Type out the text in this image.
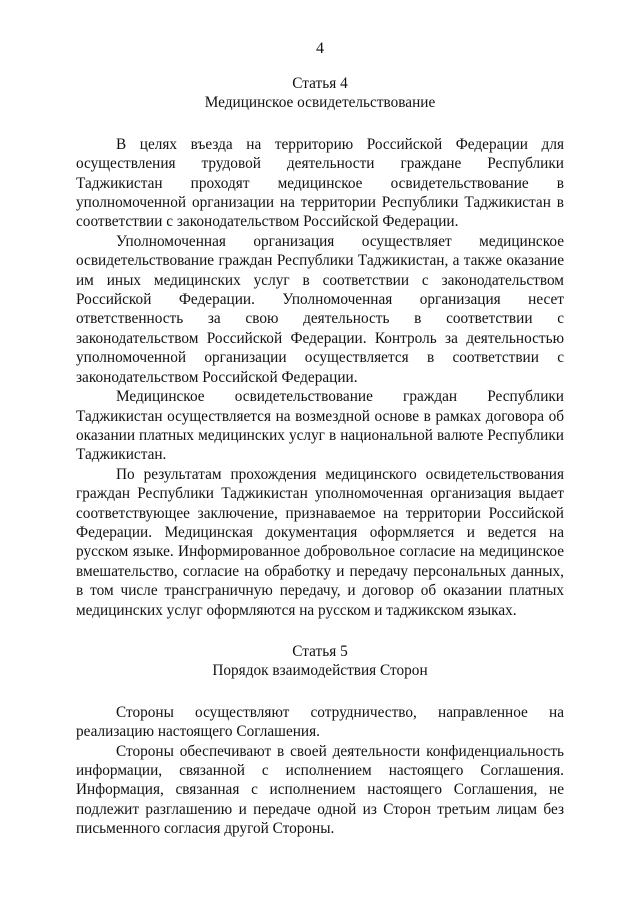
4
Статья 4
Медицинское освидетельствование

В целях въезда на территорию Российской Федерации для осуществления трудовой деятельности граждане Республики Таджикистан проходят медицинское освидетельствование в уполномоченной организации на территории Республики Таджикистан в соответствии с законодательством Российской Федерации.

Уполномоченная организация осуществляет медицинское освидетельствование граждан Республики Таджикистан, а также оказание им иных медицинских услуг в соответствии с законодательством Российской Федерации. Уполномоченная организация несет ответственность за свою деятельность в соответствии с законодательством Российской Федерации. Контроль за деятельностью уполномоченной организации осуществляется в соответствии с законодательством Российской Федерации.

Медицинское освидетельствование граждан Республики Таджикистан осуществляется на возмездной основе в рамках договора об оказании платных медицинских услуг в национальной валюте Республики Таджикистан.

По результатам прохождения медицинского освидетельствования граждан Республики Таджикистан уполномоченная организация выдает соответствующее заключение, признаваемое на территории Российской Федерации. Медицинская документация оформляется и ведется на русском языке. Информированное добровольное согласие на медицинское вмешательство, согласие на обработку и передачу персональных данных, в том числе трансграничную передачу, и договор об оказании платных медицинских услуг оформляются на русском и таджикском языках.

Статья 5
Порядок взаимодействия Сторон

Стороны осуществляют сотрудничество, направленное на реализацию настоящего Соглашения.

Стороны обеспечивают в своей деятельности конфиденциальность информации, связанной с исполнением настоящего Соглашения. Информация, связанная с исполнением настоящего Соглашения, не подлежит разглашению и передаче одной из Сторон третьим лицам без письменного согласия другой Стороны.
